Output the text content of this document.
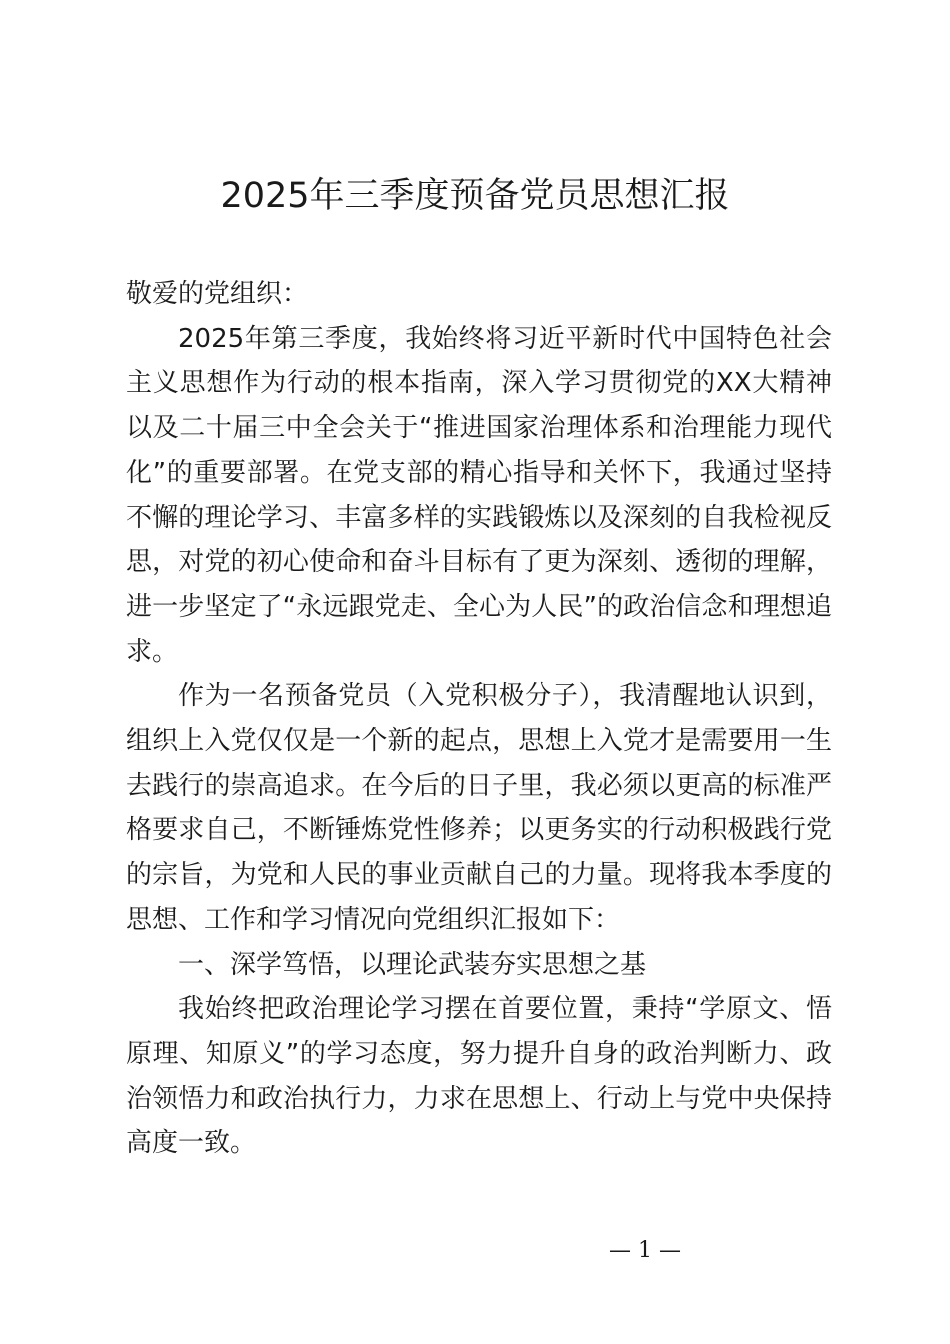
2025年三季度预备党员思想汇报

敬爱的党组织：

2025年第三季度，我始终将习近平新时代中国特色社会主义思想作为行动的根本指南，深入学习贯彻党的XX大精神以及二十届三中全会关于“推进国家治理体系和治理能力现代化”的重要部署。在党支部的精心指导和关怀下，我通过坚持不懈的理论学习、丰富多样的实践锻炼以及深刻的自我检视反思，对党的初心使命和奋斗目标有了更为深刻、透彻的理解，进一步坚定了“永远跟党走、全心为人民”的政治信念和理想追求。

作为一名预备党员（入党积极分子），我清醒地认识到，组织上入党仅仅是一个新的起点，思想上入党才是需要用一生去践行的崇高追求。在今后的日子里，我必须以更高的标准严格要求自己，不断锤炼党性修养；以更务实的行动积极践行党的宗旨，为党和人民的事业贡献自己的力量。现将我本季度的思想、工作和学习情况向党组织汇报如下：

一、深学笃悟，以理论武装夯实思想之基

我始终把政治理论学习摆在首要位置，秉持“学原文、悟原理、知原义”的学习态度，努力提升自身的政治判断力、政治领悟力和政治执行力，力求在思想上、行动上与党中央保持高度一致。

— 1 —
